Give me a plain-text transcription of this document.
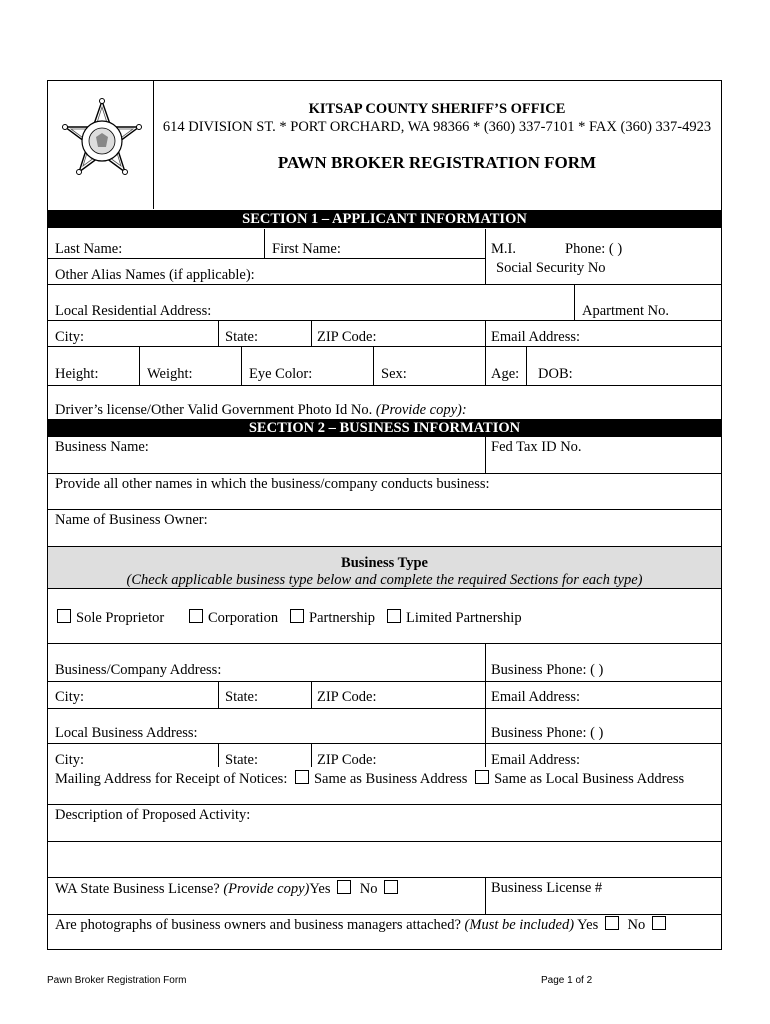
KITSAP COUNTY SHERIFF’S OFFICE
614 DIVISION ST. * PORT ORCHARD, WA 98366 * (360) 337-7101 * FAX (360) 337-4923
PAWN BROKER REGISTRATION FORM
SECTION 1 – APPLICANT INFORMATION
Last Name:	First Name:	M.I.	Phone: ( )
Other Alias Names (if applicable):	Social Security No
Local Residential Address:	Apartment No.
City:	State:	ZIP Code:	Email Address:
Height:	Weight:	Eye Color:	Sex:	Age: DOB:
Driver’s license/Other Valid Government Photo Id No. (Provide copy):
SECTION 2 – BUSINESS INFORMATION
Business Name:	Fed Tax ID No.
Provide all other names in which the business/company conducts business:
Name of Business Owner:
Business Type
(Check applicable business type below and complete the required Sections for each type)
Sole Proprietor	Corporation	Partnership	Limited Partnership
Business/Company Address:	Business Phone: ( )
City:	State:	ZIP Code:	Email Address:
Local Business Address:	Business Phone: ( )
City:	State:	ZIP Code:	Email Address:
Mailing Address for Receipt of Notices: Same as Business Address Same as Local Business Address
Description of Proposed Activity:
WA State Business License? (Provide copy)Yes No	Business License #
Are photographs of business owners and business managers attached? (Must be included) Yes No
Pawn Broker Registration Form	Page 1 of 2
